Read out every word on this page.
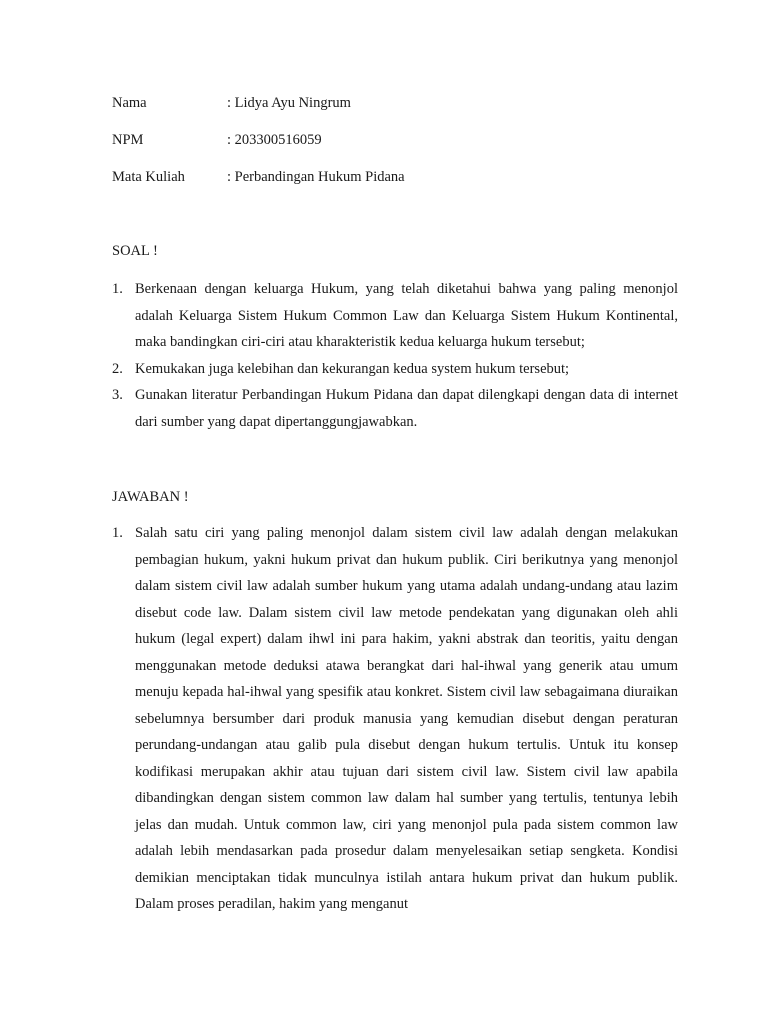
Nama	: Lidya Ayu Ningrum
NPM	: 203300516059
Mata Kuliah	: Perbandingan Hukum Pidana
SOAL !
1. Berkenaan dengan keluarga Hukum, yang telah diketahui bahwa yang paling menonjol adalah Keluarga Sistem Hukum Common Law dan Keluarga Sistem Hukum Kontinental, maka bandingkan ciri-ciri atau kharakteristik kedua keluarga hukum tersebut;
2. Kemukakan juga kelebihan dan kekurangan kedua system hukum tersebut;
3. Gunakan literatur Perbandingan Hukum Pidana dan dapat dilengkapi dengan data di internet dari sumber yang dapat dipertanggungjawabkan.
JAWABAN !
1. Salah satu ciri yang paling menonjol dalam sistem civil law adalah dengan melakukan pembagian hukum, yakni hukum privat dan hukum publik. Ciri berikutnya yang menonjol dalam sistem civil law adalah sumber hukum yang utama adalah undang-undang atau lazim disebut code law. Dalam sistem civil law metode pendekatan yang digunakan oleh ahli hukum (legal expert) dalam ihwl ini para hakim, yakni abstrak dan teoritis, yaitu dengan menggunakan metode deduksi atawa berangkat dari hal-ihwal yang generik atau umum menuju kepada hal-ihwal yang spesifik atau konkret. Sistem civil law sebagaimana diuraikan sebelumnya bersumber dari produk manusia yang kemudian disebut dengan peraturan perundang-undangan atau galib pula disebut dengan hukum tertulis. Untuk itu konsep kodifikasi merupakan akhir atau tujuan dari sistem civil law. Sistem civil law apabila dibandingkan dengan sistem common law dalam hal sumber yang tertulis, tentunya lebih jelas dan mudah. Untuk common law, ciri yang menonjol pula pada sistem common law adalah lebih mendasarkan pada prosedur dalam menyelesaikan setiap sengketa. Kondisi demikian menciptakan tidak munculnya istilah antara hukum privat dan hukum publik. Dalam proses peradilan, hakim yang menganut
